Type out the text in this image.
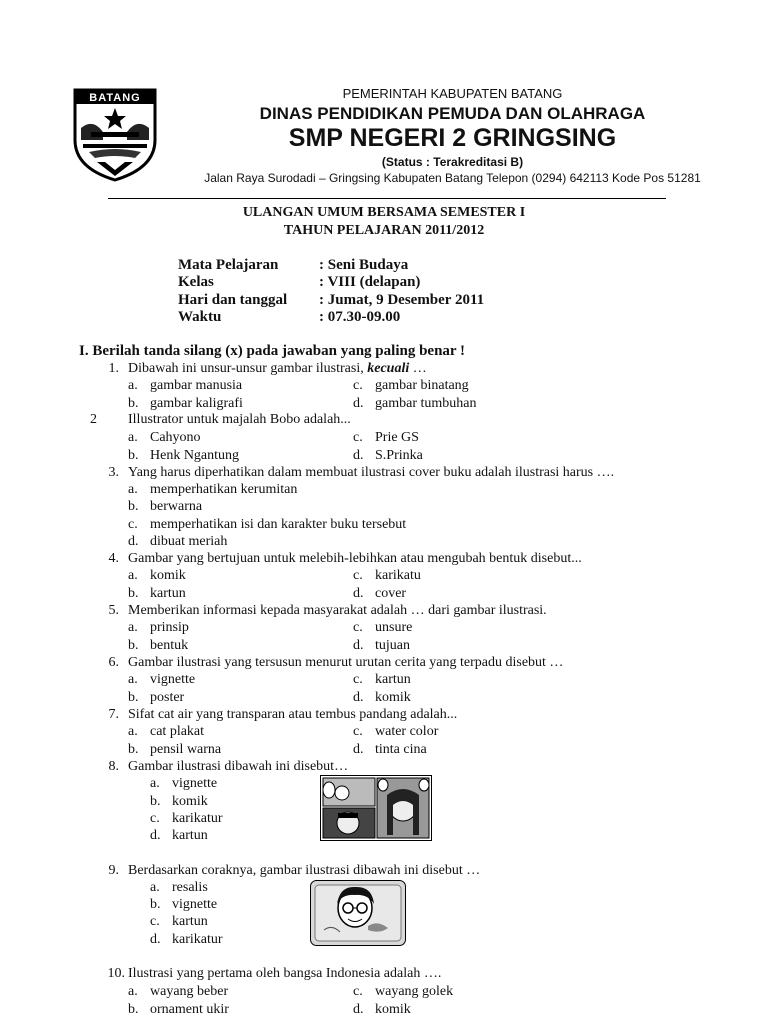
BATANG	PEMERINTAH KABUPATEN BATANG
DINAS PENDIDIKAN PEMUDA DAN OLAHRAGA
SMP NEGERI 2 GRINGSING
(Status : Terakreditasi B)
Jalan Raya Surodadi – Gringsing Kabupaten Batang Telepon (0294) 642113 Kode Pos 51281
ULANGAN UMUM BERSAMA SEMESTER I
TAHUN PELAJARAN 2011/2012
Mata Pelajaran	: Seni Budaya
Kelas	: VIII (delapan)
Hari dan tanggal : Jumat, 9 Desember 2011
Waktu	: 07.30-09.00
I. Berilah tanda silang (x) pada jawaban yang paling benar !
1. Dibawah ini unsur-unsur gambar ilustrasi, kecuali …
a. gambar manusia
b. gambar kaligrafi
c. gambar binatang
d. gambar tumbuhan
2	Illustrator untuk majalah Bobo adalah...
a. Cahyono
b. Henk Ngantung
c. Prie GS
d. S.Prinka
3. Yang harus diperhatikan dalam membuat ilustrasi cover buku adalah ilustrasi harus ….
a. memperhatikan kerumitan
b. berwarna
c. memperhatikan isi dan karakter buku tersebut
d. dibuat meriah
4. Gambar yang bertujuan untuk melebih-lebihkan atau mengubah bentuk disebut...
a. komik
b. kartun
c. karikatu
d. cover
5. Memberikan informasi kepada masyarakat adalah … dari gambar ilustrasi.
a. prinsip
b. bentuk
c. unsure
d. tujuan
6. Gambar ilustrasi yang tersusun menurut urutan cerita yang terpadu disebut …
a. vignette
b. poster
c. kartun
d. komik
7. Sifat cat air yang transparan atau tembus pandang adalah...
a. cat plakat
b. pensil warna
c. water color
d. tinta cina
8. Gambar ilustrasi dibawah ini disebut…
a. vignette
b. komik
c. karikatur
d. kartun
9. Berdasarkan coraknya, gambar ilustrasi dibawah ini disebut …
a. resalis
b. vignette
c. kartun
d. karikatur
10. Ilustrasi yang pertama oleh bangsa Indonesia adalah ….
a. wayang beber
b. ornament ukir
c. wayang golek
d. komik
